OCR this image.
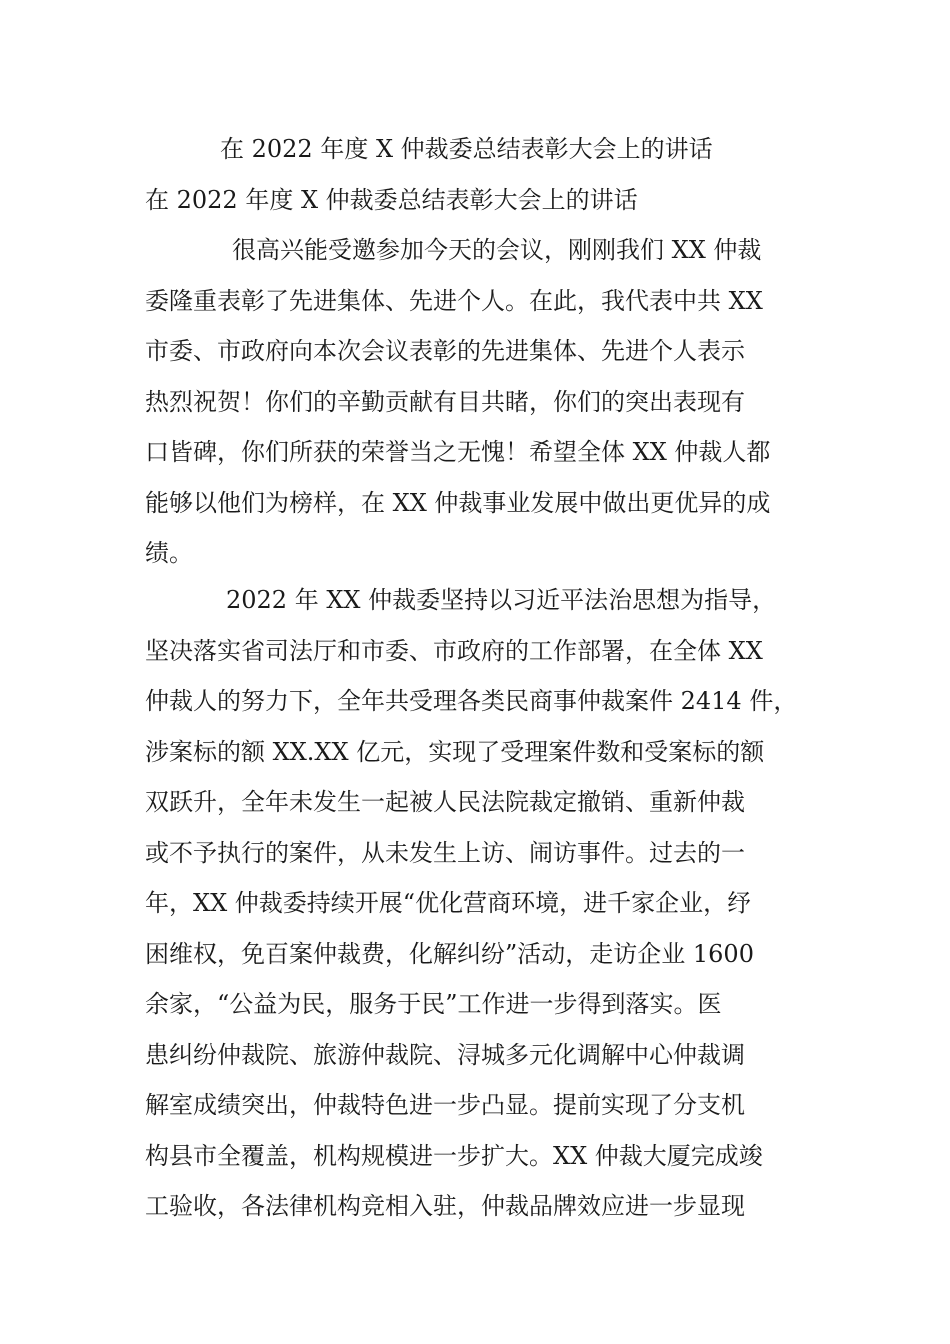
在 2022 年度 X 仲裁委总结表彰大会上的讲话
在 2022 年度 X 仲裁委总结表彰大会上的讲话
很高兴能受邀参加今天的会议，刚刚我们 XX 仲裁
委隆重表彰了先进集体、先进个人。在此，我代表中共 XX
市委、市政府向本次会议表彰的先进集体、先进个人表示
热烈祝贺！你们的辛勤贡献有目共睹，你们的突出表现有
口皆碑，你们所获的荣誉当之无愧！希望全体 XX 仲裁人都
能够以他们为榜样，在 XX 仲裁事业发展中做出更优异的成
绩。
2022 年 XX 仲裁委坚持以习近平法治思想为指导，
坚决落实省司法厅和市委、市政府的工作部署，在全体 XX
仲裁人的努力下，全年共受理各类民商事仲裁案件 2414 件，
涉案标的额 XX.XX 亿元，实现了受理案件数和受案标的额
双跃升，全年未发生一起被人民法院裁定撤销、重新仲裁
或不予执行的案件，从未发生上访、闹访事件。过去的一
年，XX 仲裁委持续开展“优化营商环境，进千家企业，纾
困维权，免百案仲裁费，化解纠纷”活动，走访企业 1600
余家，“公益为民，服务于民”工作进一步得到落实。医
患纠纷仲裁院、旅游仲裁院、浔城多元化调解中心仲裁调
解室成绩突出，仲裁特色进一步凸显。提前实现了分支机
构县市全覆盖，机构规模进一步扩大。XX 仲裁大厦完成竣
工验收，各法律机构竞相入驻，仲裁品牌效应进一步显现
